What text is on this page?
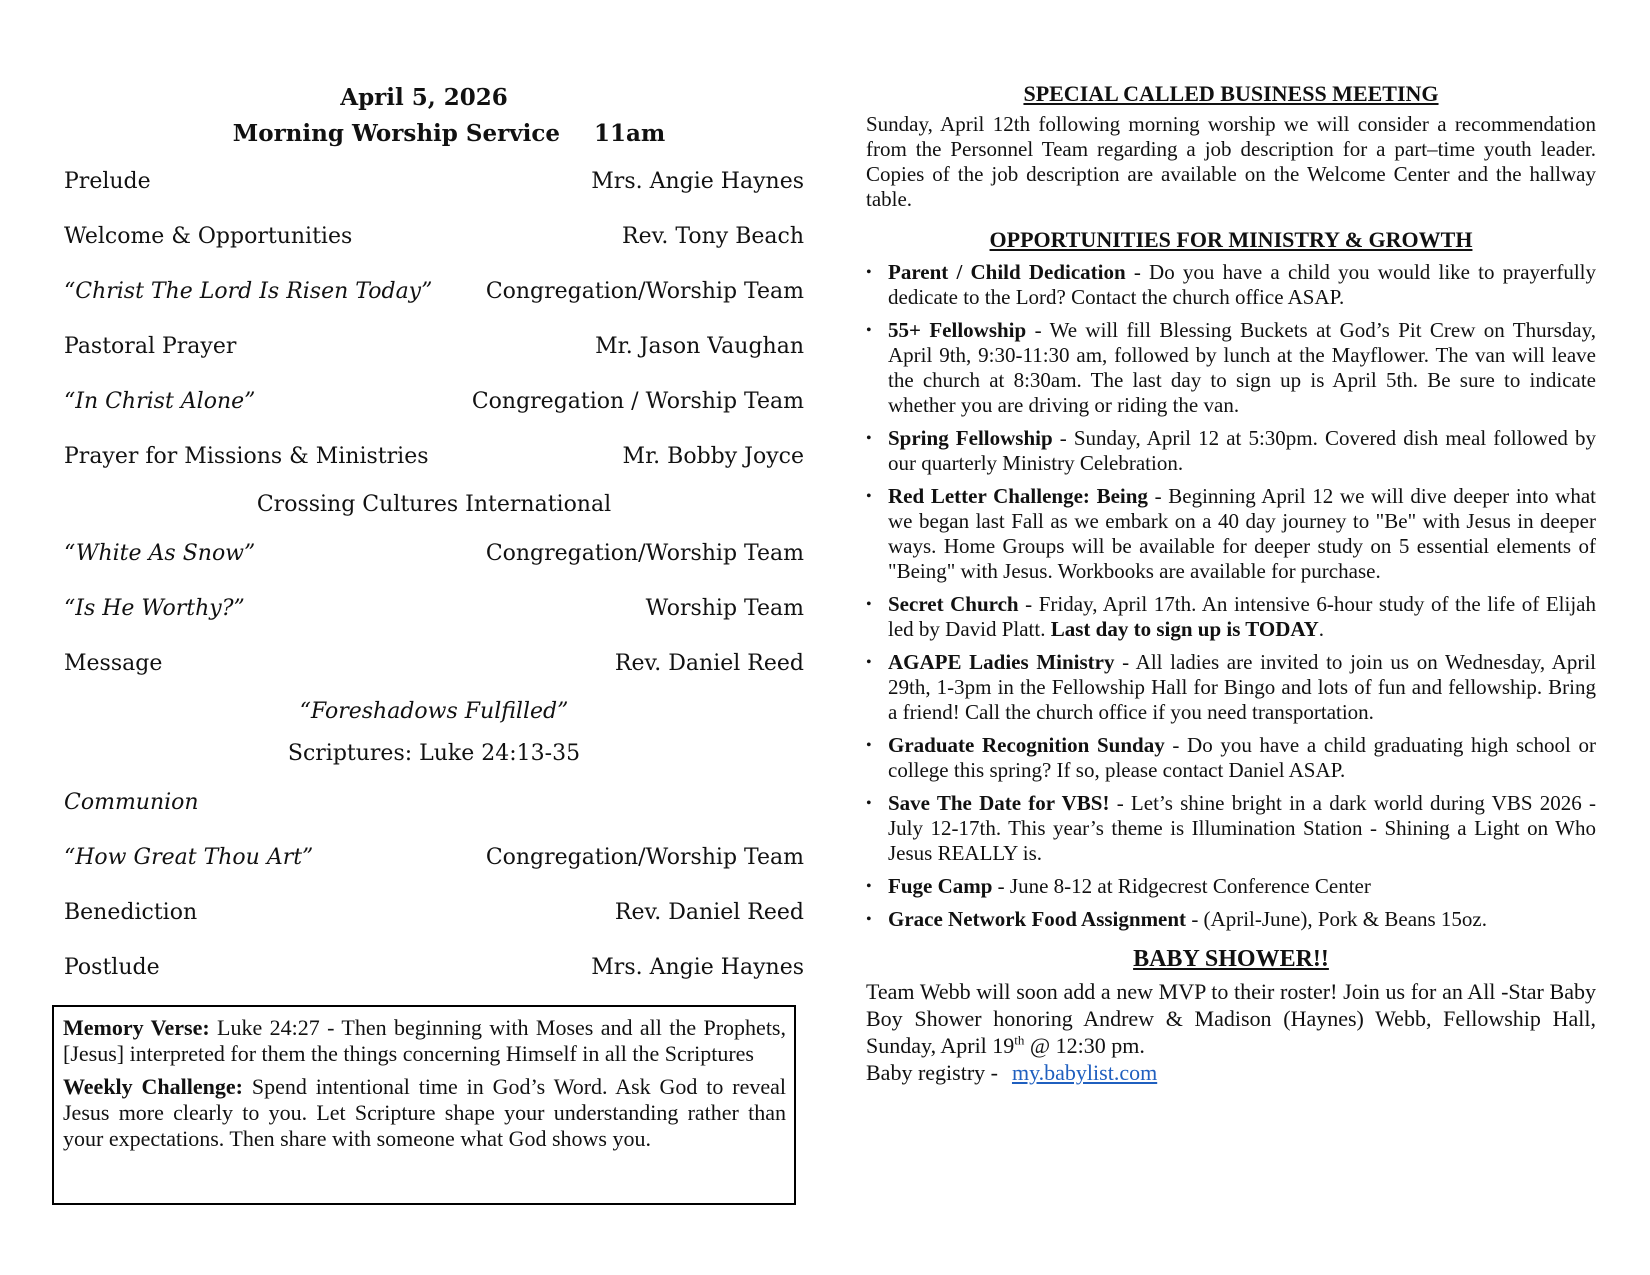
April 5, 2026
Morning Worship Service 11am
Prelude	Mrs. Angie Haynes
Welcome & Opportunities	Rev. Tony Beach
“Christ The Lord Is Risen Today” Congregation/Worship Team
Pastoral Prayer	Mr. Jason Vaughan
“In Christ Alone”	Congregation / Worship Team
Prayer for Missions & Ministries	Mr. Bobby Joyce
Crossing Cultures International
“White As Snow”	Congregation/Worship Team
“Is He Worthy?”	Worship Team
Message	Rev. Daniel Reed
“Foreshadows Fulfilled”
Scriptures: Luke 24:13-35
Communion
“How Great Thou Art”	Congregation/Worship Team
Benediction	Rev. Daniel Reed
Postlude	Mrs. Angie Haynes

Memory Verse: Luke 24:27 - Then beginning with Moses and all the Prophets, [Jesus] interpreted for them the things concerning Himself in all the Scriptures

Weekly Challenge: Spend intentional time in God’s Word. Ask God to reveal Jesus more clearly to you. Let Scripture shape your understanding rather than your expectations. Then share with someone what God shows you.

SPECIAL CALLED BUSINESS MEETING

Sunday, April 12th following morning worship we will consider a recommendation from the Personnel Team regarding a job description for a part–time youth leader. Copies of the job description are available on the Welcome Center and the hallway table.

OPPORTUNITIES FOR MINISTRY & GROWTH
• Parent / Child Dedication - Do you have a child you would like to prayerfully dedicate to the Lord? Contact the church office ASAP.
• 55+ Fellowship - We will fill Blessing Buckets at God’s Pit Crew on Thursday, April 9th, 9:30-11:30 am, followed by lunch at the Mayflower. The van will leave the church at 8:30am. The last day to sign up is April 5th. Be sure to indicate whether you are driving or riding the van.
• Spring Fellowship - Sunday, April 12 at 5:30pm. Covered dish meal followed by our quarterly Ministry Celebration.
• Red Letter Challenge: Being - Beginning April 12 we will dive deeper into what we began last Fall as we embark on a 40 day journey to "Be" with Jesus in deeper ways. Home Groups will be available for deeper study on 5 essential elements of "Being" with Jesus. Workbooks are available for purchase.
• Secret Church - Friday, April 17th. An intensive 6-hour study of the life of Elijah led by David Platt. Last day to sign up is TODAY.
• AGAPE Ladies Ministry - All ladies are invited to join us on Wednesday, April 29th, 1-3pm in the Fellowship Hall for Bingo and lots of fun and fellowship. Bring a friend! Call the church office if you need transportation.
• Graduate Recognition Sunday - Do you have a child graduating high school or college this spring? If so, please contact Daniel ASAP.
• Save The Date for VBS! - Let’s shine bright in a dark world during VBS 2026 - July 12-17th. This year’s theme is Illumination Station - Shining a Light on Who Jesus REALLY is.
• Fuge Camp - June 8-12 at Ridgecrest Conference Center
• Grace Network Food Assignment - (April-June), Pork & Beans 15oz.
BABY SHOWER!!

Team Webb will soon add a new MVP to their roster! Join us for an All -Star Baby Boy Shower honoring Andrew & Madison (Haynes) Webb, Fellowship Hall, Sunday, April 19th @ 12:30 pm.

Baby registry - my.babylist.com
